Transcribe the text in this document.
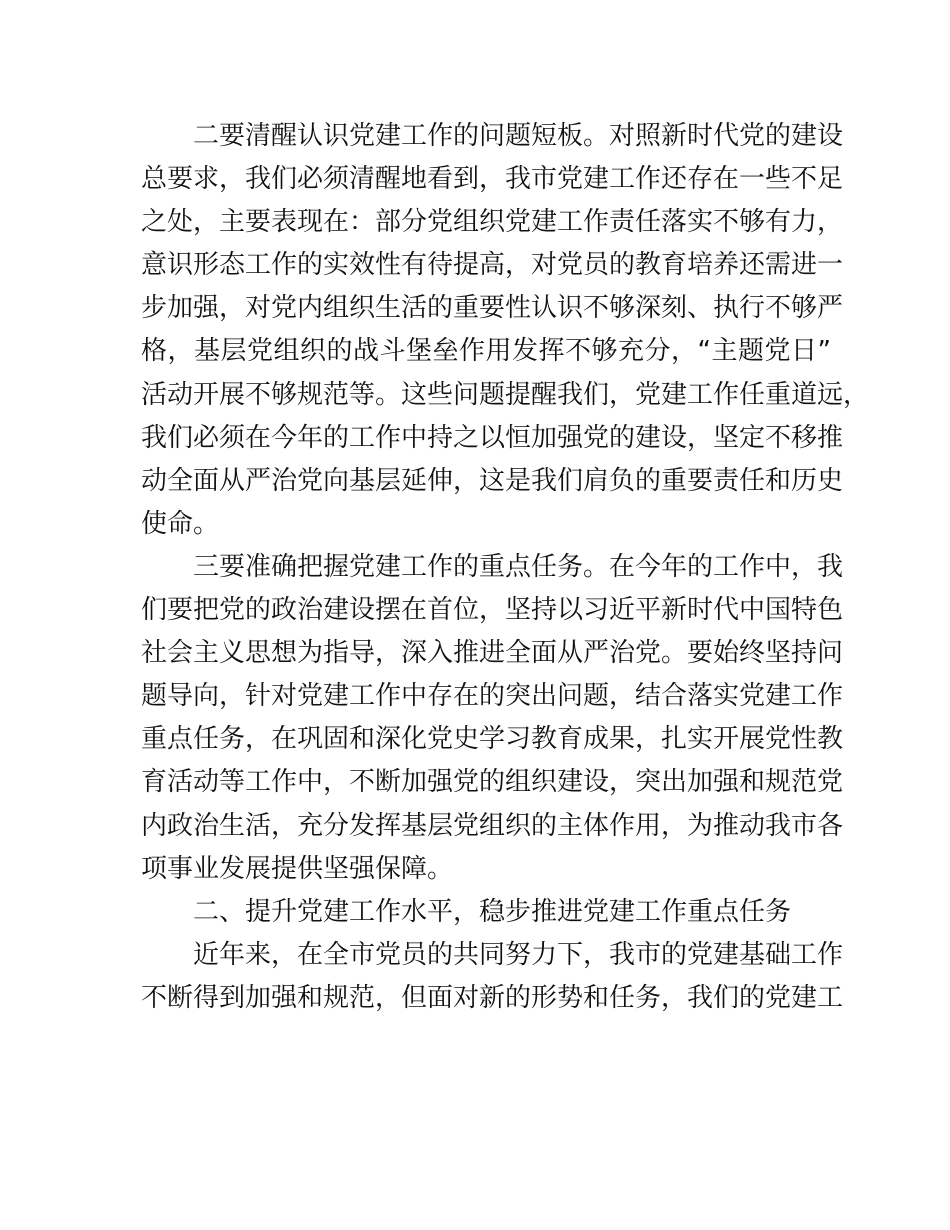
二要清醒认识党建工作的问题短板。对照新时代党的建设
总要求，我们必须清醒地看到，我市党建工作还存在一些不足
之处，主要表现在：部分党组织党建工作责任落实不够有力，
意识形态工作的实效性有待提高，对党员的教育培养还需进一
步加强，对党内组织生活的重要性认识不够深刻、执行不够严
格，基层党组织的战斗堡垒作用发挥不够充分，“主题党日”
活动开展不够规范等。这些问题提醒我们，党建工作任重道远，
我们必须在今年的工作中持之以恒加强党的建设，坚定不移推
动全面从严治党向基层延伸，这是我们肩负的重要责任和历史
使命。
三要准确把握党建工作的重点任务。在今年的工作中，我
们要把党的政治建设摆在首位，坚持以习近平新时代中国特色
社会主义思想为指导，深入推进全面从严治党。要始终坚持问
题导向，针对党建工作中存在的突出问题，结合落实党建工作
重点任务，在巩固和深化党史学习教育成果，扎实开展党性教
育活动等工作中，不断加强党的组织建设，突出加强和规范党
内政治生活，充分发挥基层党组织的主体作用，为推动我市各
项事业发展提供坚强保障。
二、提升党建工作水平，稳步推进党建工作重点任务
近年来，在全市党员的共同努力下，我市的党建基础工作
不断得到加强和规范，但面对新的形势和任务，我们的党建工
